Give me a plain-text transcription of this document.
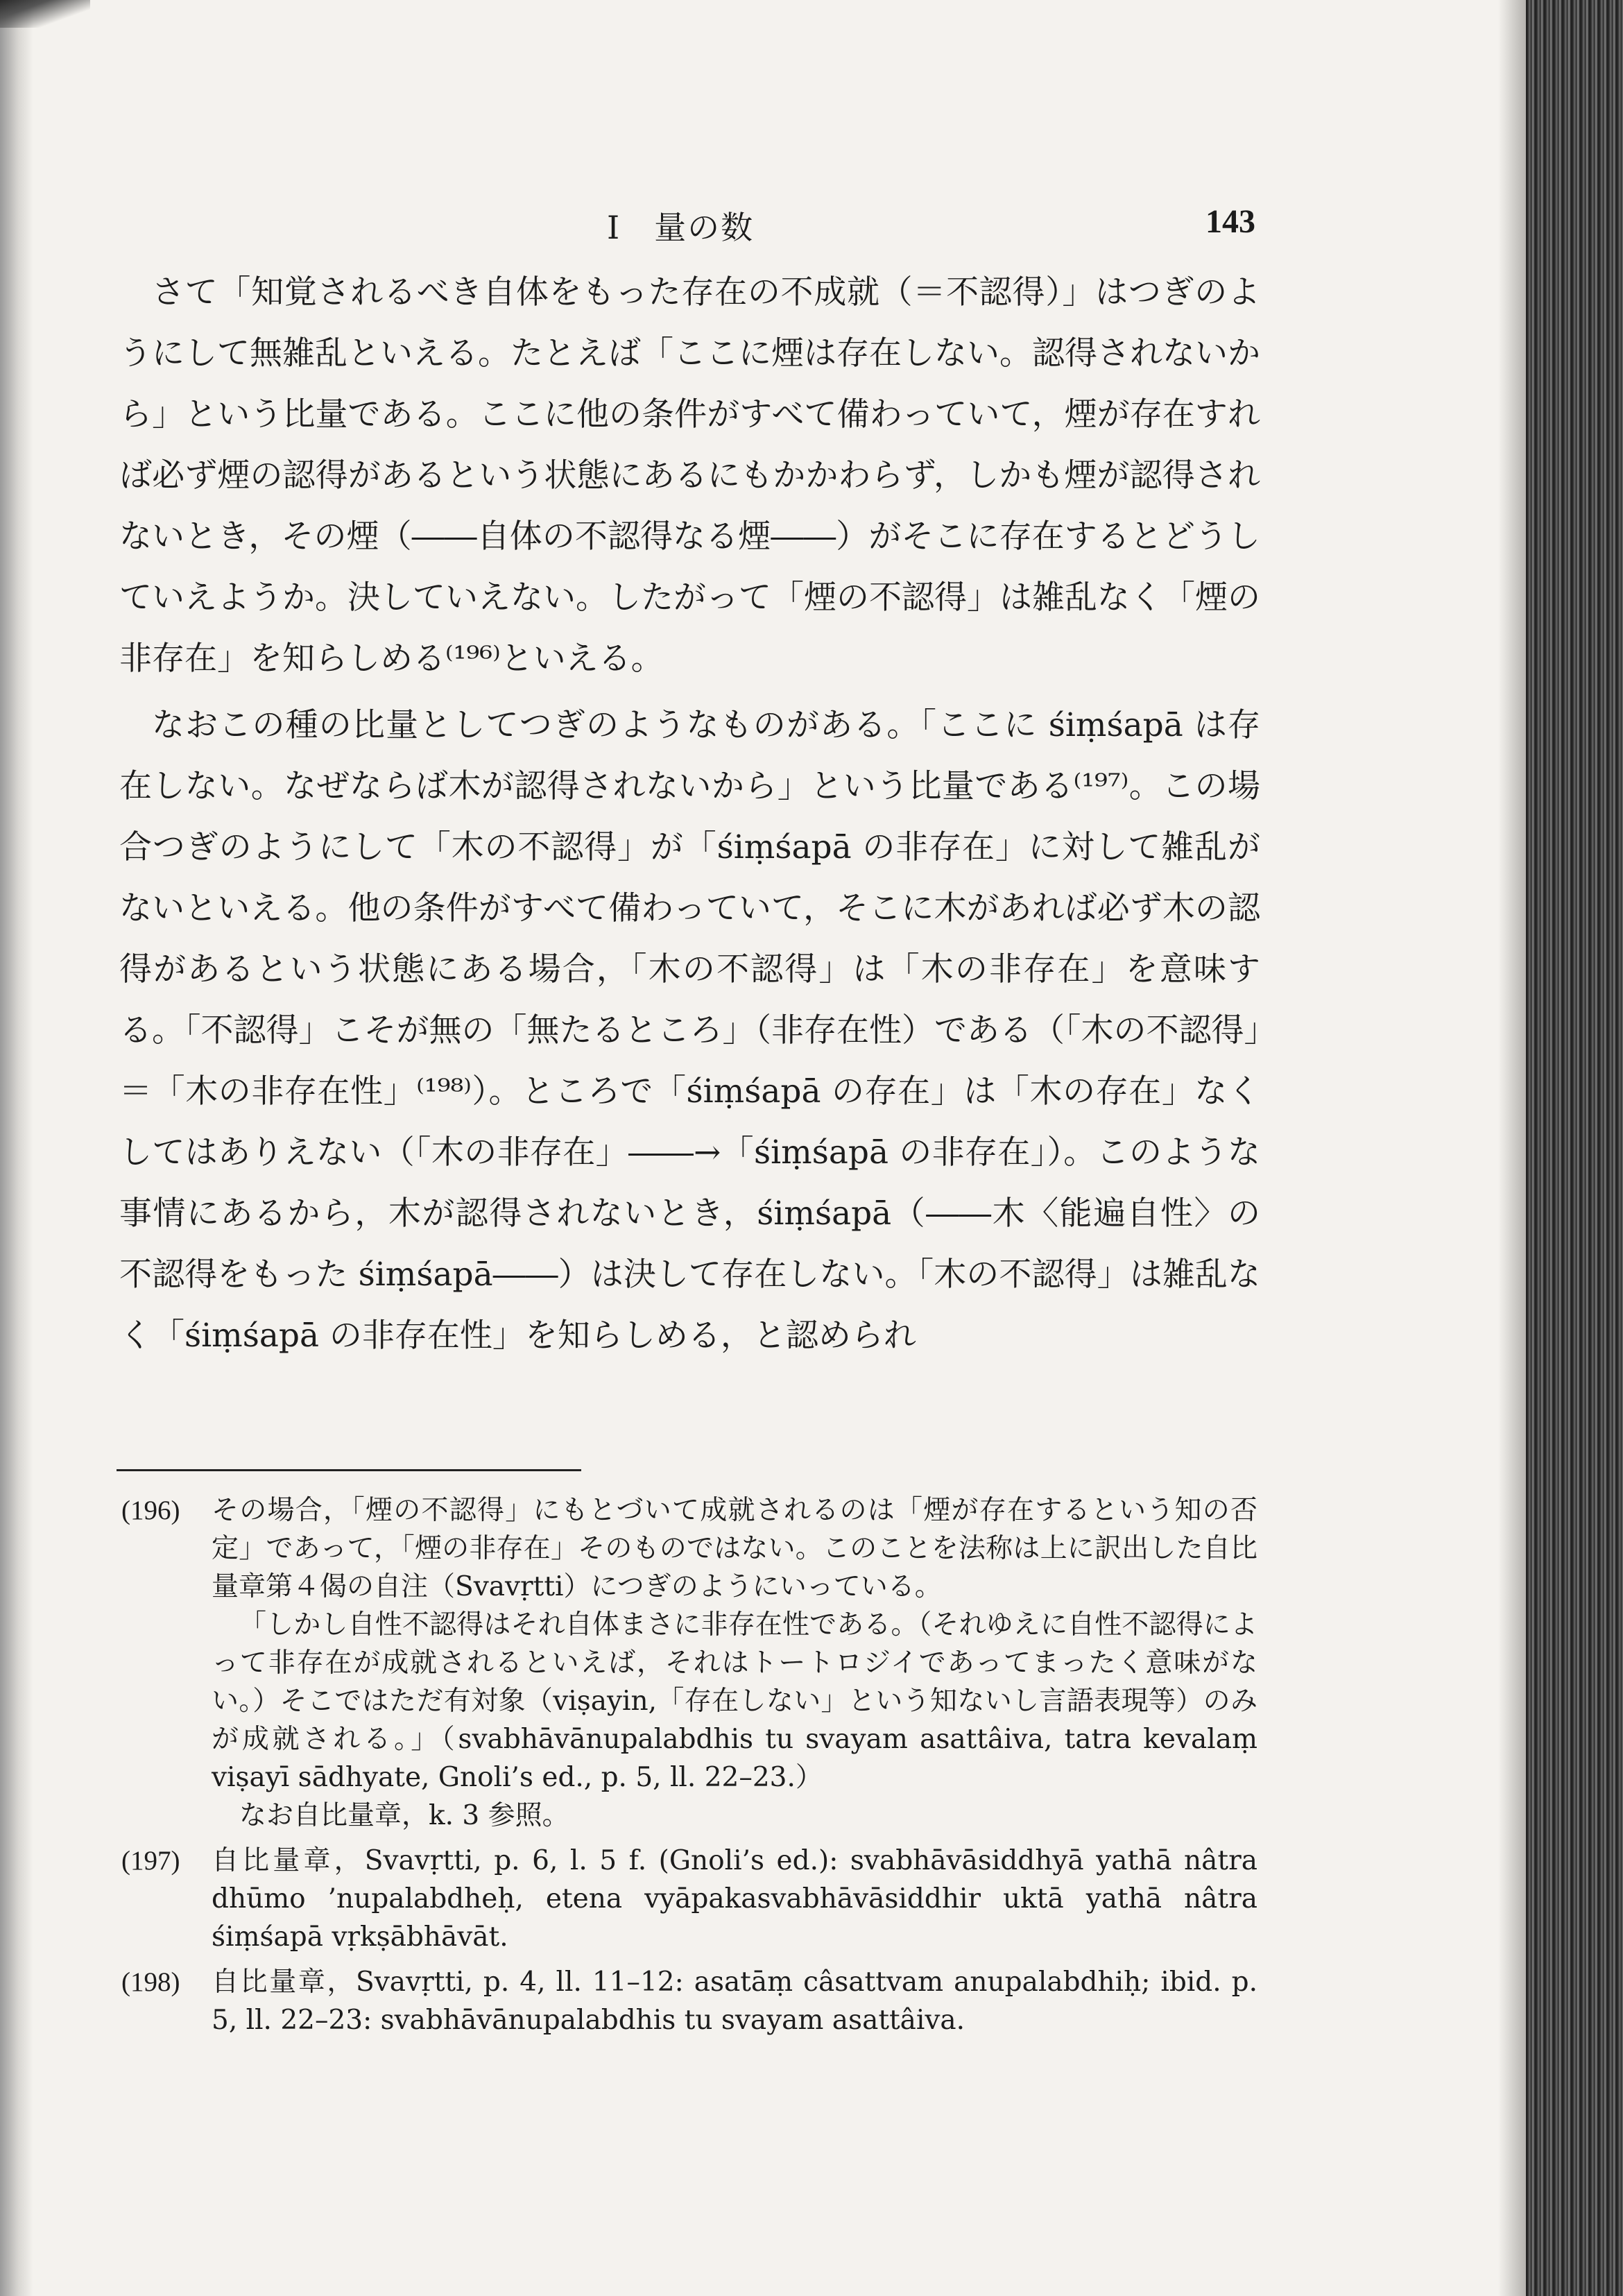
I　量の数	143

さて「知覚されるべき自体をもった存在の不成就（＝不認得）」はつぎのようにして無雑乱といえる。たとえば「ここに煙は存在しない。認得されないから」という比量である。ここに他の条件がすべて備わっていて，煙が存在すれば必ず煙の認得があるという状態にあるにもかかわらず，しかも煙が認得されないとき，その煙（――自体の不認得なる煙――）がそこに存在するとどうしていえようか。決していえない。したがって「煙の不認得」は雑乱なく「煙の非存在」を知らしめる⁽¹⁹⁶⁾といえる。

なおこの種の比量としてつぎのようなものがある。「ここに śiṃśapā は存在しない。なぜならば木が認得されないから」という比量である⁽¹⁹⁷⁾。この場合つぎのようにして「木の不認得」が「śiṃśapā の非存在」に対して雑乱がないといえる。他の条件がすべて備わっていて，そこに木があれば必ず木の認得があるという状態にある場合，「木の不認得」は「木の非存在」を意味する。「不認得」こそが無の「無たるところ」（非存在性）である（「木の不認得」＝「木の非存在性」⁽¹⁹⁸⁾）。ところで「śiṃśapā の存在」は「木の存在」なくしてはありえない（「木の非存在」――→「śiṃśapā の非存在」）。このような事情にあるから，木が認得されないとき，śiṃśapā（――木〈能遍自性〉の不認得をもった śiṃśapā――）は決して存在しない。「木の不認得」は雑乱なく「śiṃśapā の非存在性」を知らしめる，と認められ

(196) その場合，「煙の不認得」にもとづいて成就されるのは「煙が存在するという知の否定」であって，「煙の非存在」そのものではない。このことを法称は上に訳出した自比量章第４偈の自注（Svavṛtti）につぎのようにいっている。

「しかし自性不認得はそれ自体まさに非存在性である。（それゆえに自性不認得によって非存在が成就されるといえば，それはトートロジイであってまったく意味がない。）そこではただ有対象（viṣayin,「存在しない」という知ないし言語表現等）のみが成就される。」（svabhāvānupalabdhis tu svayam asattâiva, tatra kevalaṃ viṣayī sādhyate, Gnoli’s ed., p. 5, ll. 22–23.）

なお自比量章，k. 3 参照。

(197) 自比量章，Svavṛtti, p. 6, l. 5 f. (Gnoli’s ed.): svabhāvāsiddhyā yathā nâtra dhūmo ’nupalabdheḥ, etena vyāpakasvabhāvāsiddhir uktā yathā nâtra śiṃśapā vṛkṣābhāvāt.

(198) 自比量章，Svavṛtti, p. 4, ll. 11–12: asatāṃ câsattvam anupalabdhiḥ; ibid. p. 5, ll. 22–23: svabhāvānupalabdhis tu svayam asattâiva.
